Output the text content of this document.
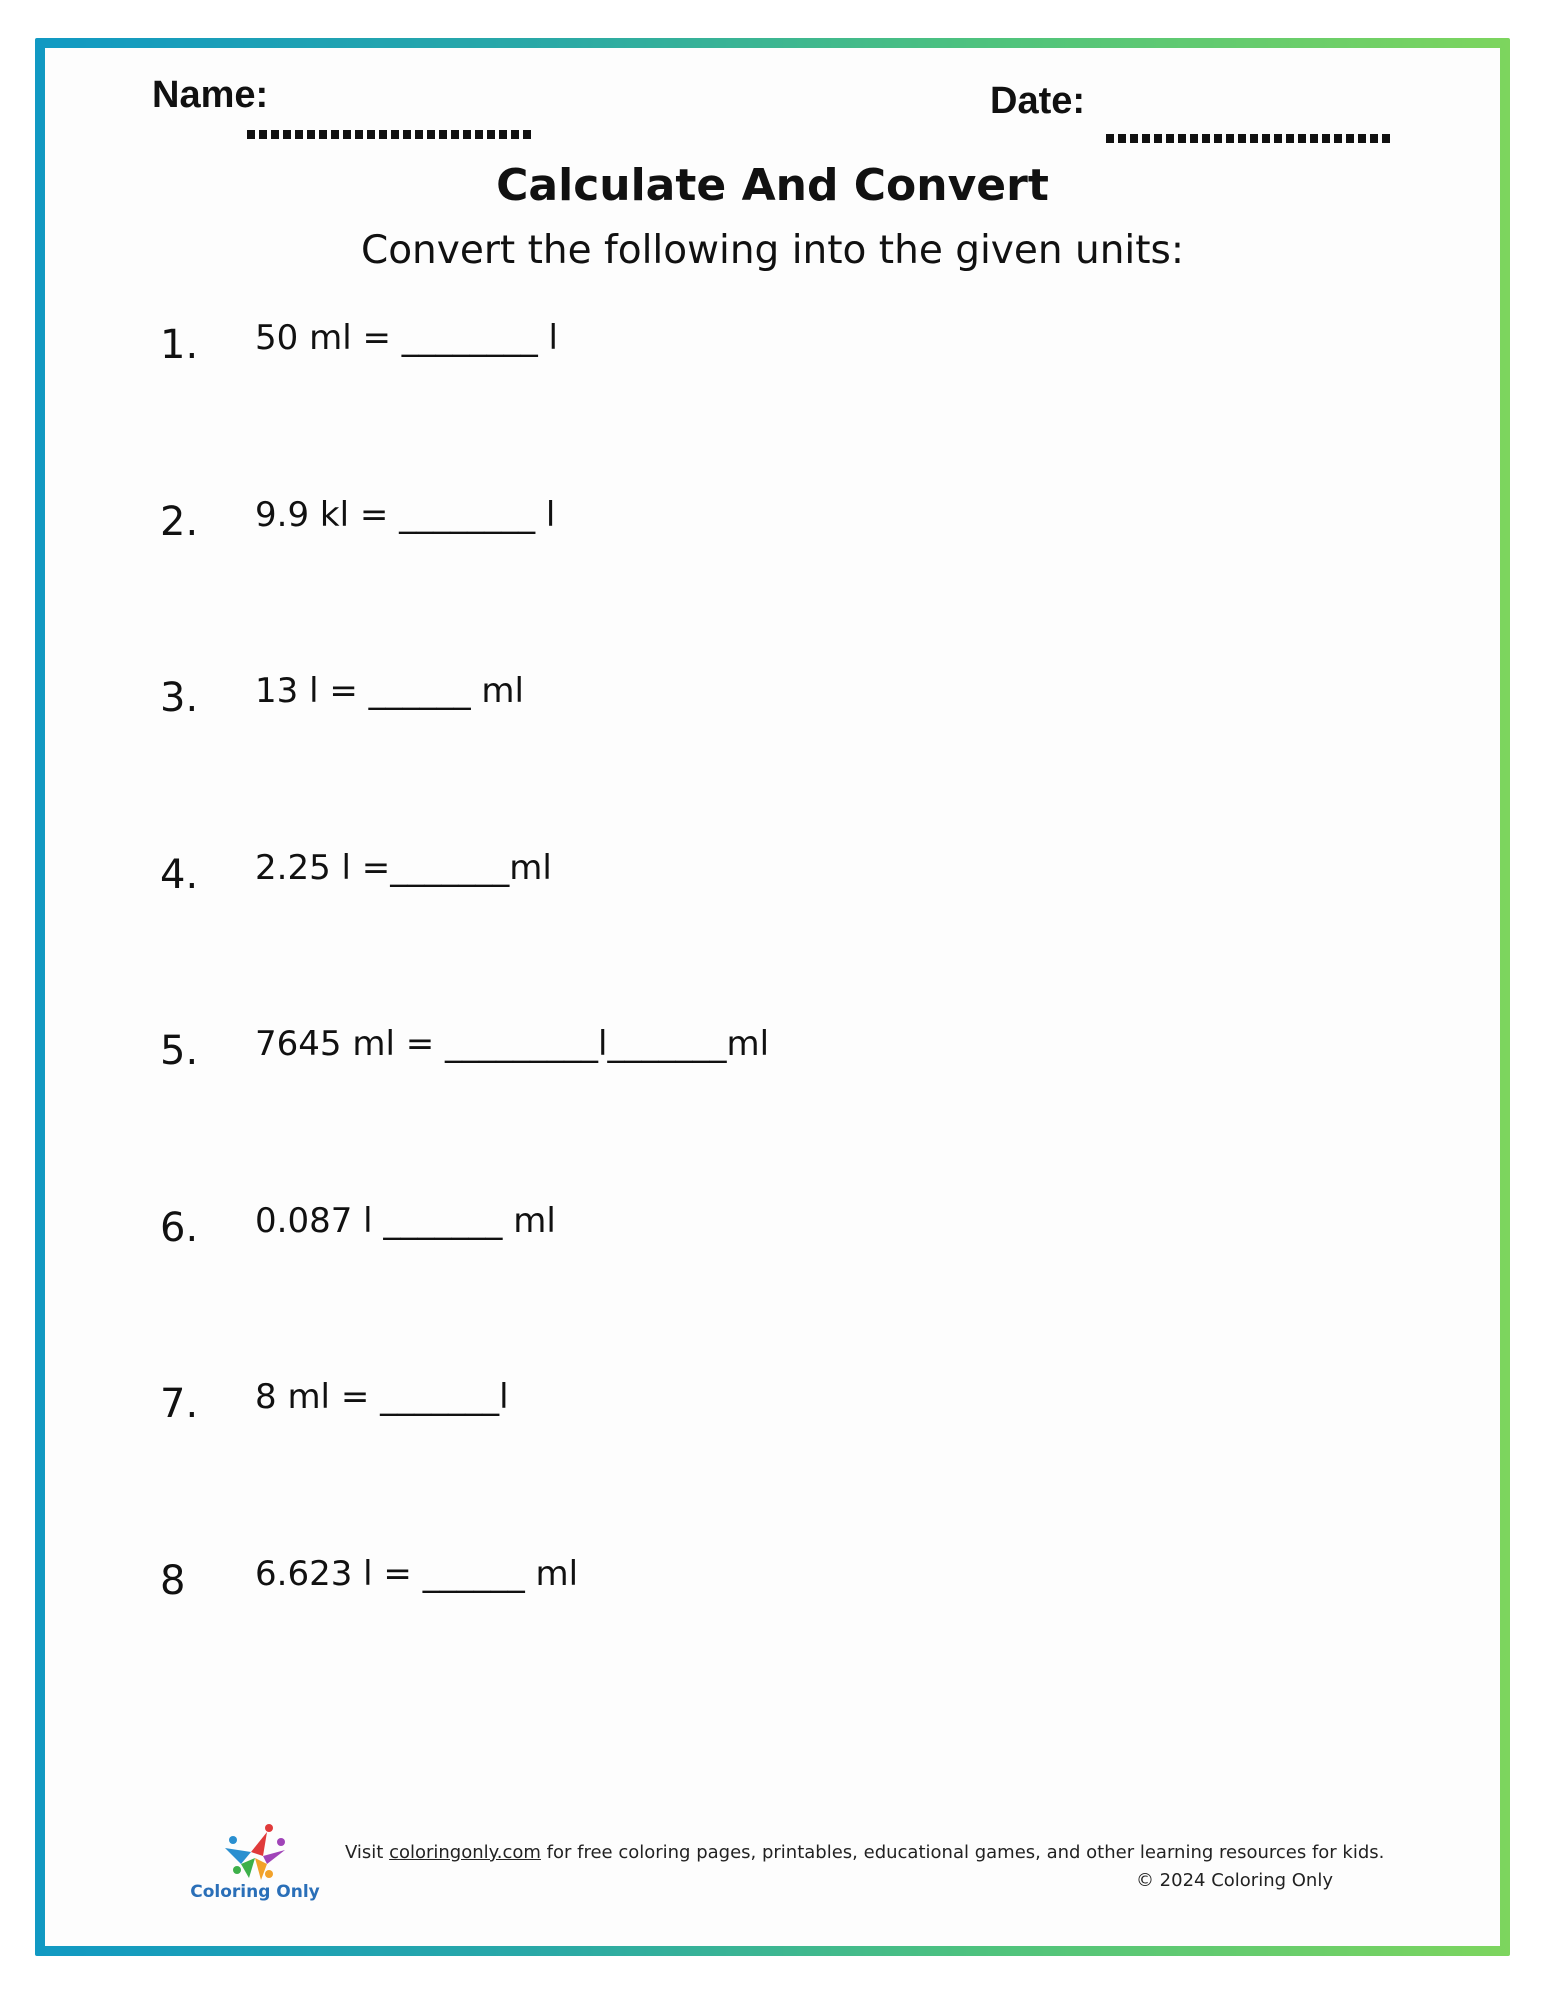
Name:	Date:
Calculate And Convert
Convert the following into the given units:
1.	50 ml = ________ l
2.	9.9 kl = ________ l
3.	13 l = ______ ml
4.	2.25 l =_______ml
5.	7645 ml = _________l_______ml
6.	0.087 l _______ ml
7.	8 ml = _______l
8	6.623 l = ______ ml
Coloring Only
Visit coloringonly.com for free coloring pages, printables, educational games, and other learning resources for kids.
© 2024 Coloring Only
